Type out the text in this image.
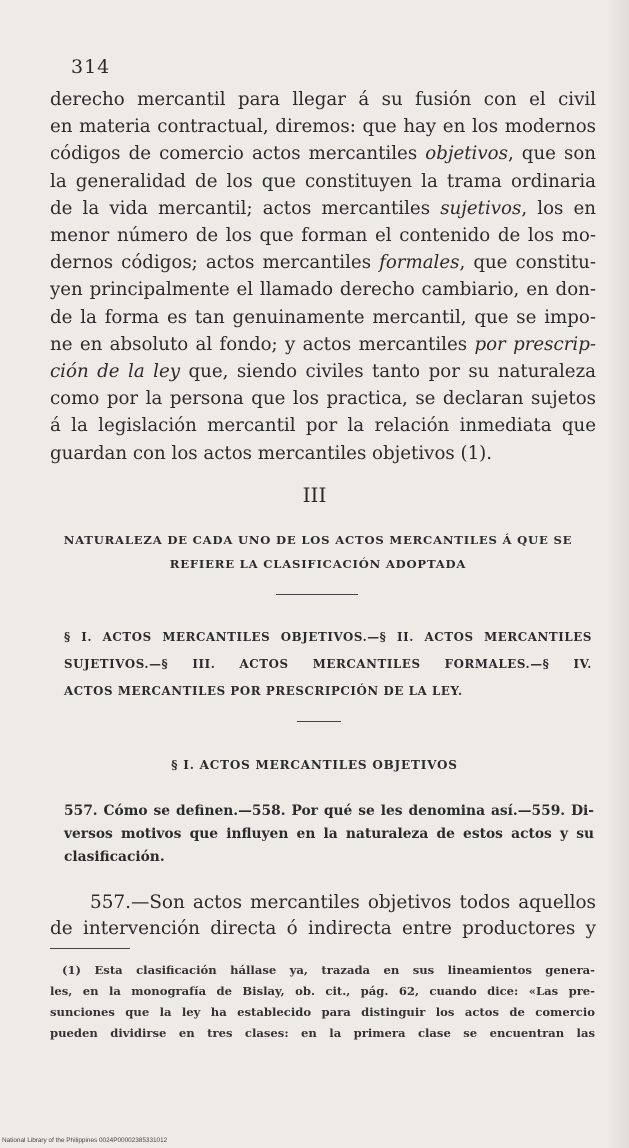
314

derecho mercantil para llegar á su fusión con el civil
en materia contractual, diremos: que hay en los modernos
códigos de comercio actos mercantiles objetivos, que son
la generalidad de los que constituyen la trama ordinaria
de la vida mercantil; actos mercantiles sujetivos, los en
menor número de los que forman el contenido de los mo-
dernos códigos; actos mercantiles formales, que constitu-
yen principalmente el llamado derecho cambiario, en don-
de la forma es tan genuinamente mercantil, que se impo-
ne en absoluto al fondo; y actos mercantiles por prescrip-
ción de la ley que, siendo civiles tanto por su naturaleza
como por la persona que los practica, se declaran sujetos
á la legislación mercantil por la relación inmediata que
guardan con los actos mercantiles objetivos (1).

III
NATURALEZA DE CADA UNO DE LOS ACTOS MERCANTILES Á QUE SE
REFIERE LA CLASIFICACIÓN ADOPTADA
§ I. ACTOS MERCANTILES OBJETIVOS.—§ II. ACTOS MERCANTILES
SUJETIVOS.—§ III. ACTOS MERCANTILES FORMALES.—§ IV.
ACTOS MERCANTILES POR PRESCRIPCIÓN DE LA LEY.
§ I. ACTOS MERCANTILES OBJETIVOS
557. Cómo se definen.—558. Por qué se les denomina así.—559. Di-
versos motivos que influyen en la naturaleza de estos actos y su
clasificación.
557.—Son actos mercantiles objetivos todos aquellos
de intervención directa ó indirecta entre productores y
(1) Esta clasificación hállase ya, trazada en sus lineamientos genera-
les, en la monografía de Bislay, ob. cit., pág. 62, cuando dice: «Las pre-
sunciones que la ley ha establecido para distinguir los actos de comercio
pueden dividirse en tres clases: en la primera clase se encuentran las
National Library of the Philippines 0024P00002385331012
